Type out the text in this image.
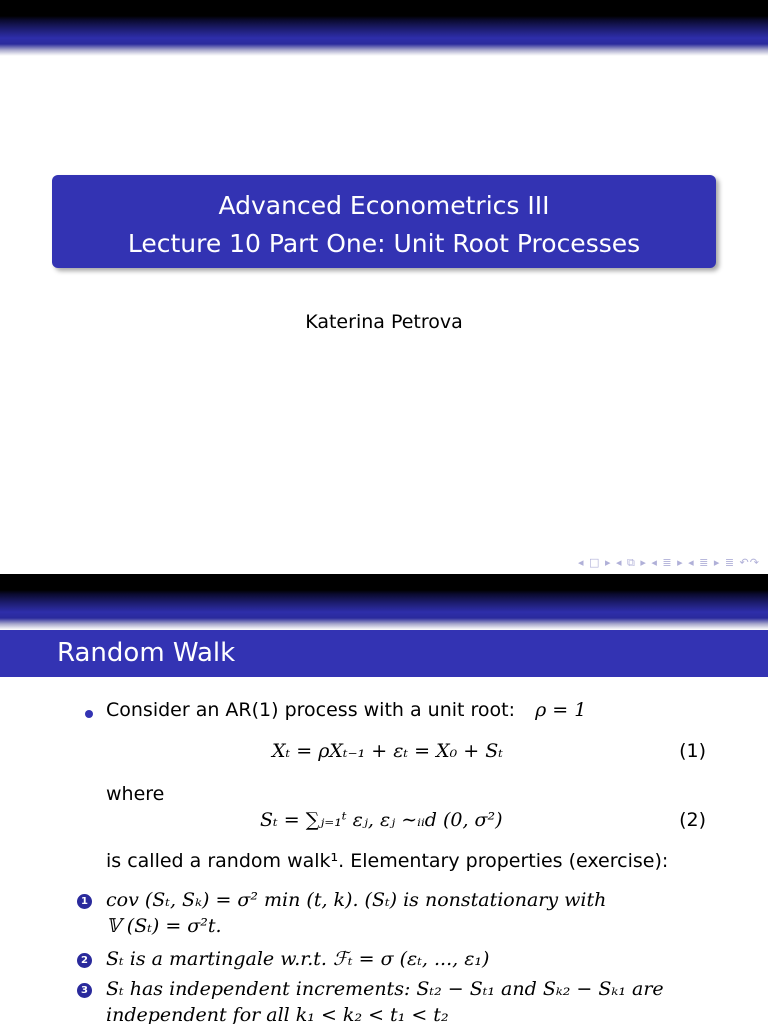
Advanced Econometrics III
Lecture 10 Part One: Unit Root Processes
Katerina Petrova
◂ □ ▸ ◂ ⧉ ▸ ◂ ≣ ▸ ◂ ≣ ▸ ≣ ↶↷
Random Walk
Consider an AR(1) process with a unit root: ρ = 1
Xₜ = ρXₜ₋₁ + εₜ = X₀ + Sₜ	(1)
where
Sₜ = ∑ⱼ₌₁ᵗ εⱼ, εⱼ ∼ᵢᵢd (0, σ²)	(2)
is called a random walk¹. Elementary properties (exercise):
1 cov (Sₜ, Sₖ) = σ² min (t, k). (Sₜ) is nonstationary with
𝕍 (Sₜ) = σ²t.
2 Sₜ is a martingale w.r.t. ℱₜ = σ (εₜ, ..., ε₁)
3 Sₜ has independent increments: Sₜ₂ − Sₜ₁ and Sₖ₂ − Sₖ₁ are
independent for all k₁ < k₂ < t₁ < t₂
